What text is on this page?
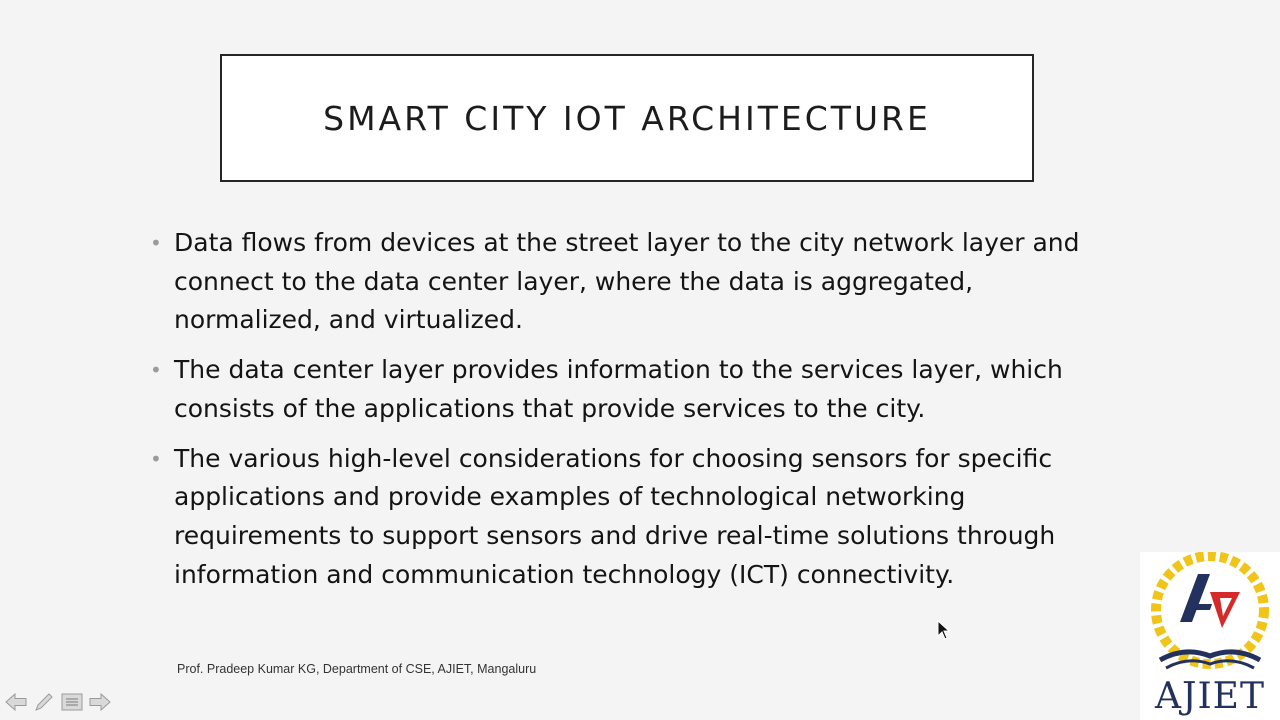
SMART CITY IOT ARCHITECTURE
• Data flows from devices at the street layer to the city network layer and connect to the data center layer, where the data is aggregated, normalized, and virtualized.
• The data center layer provides information to the services layer, which consists of the applications that provide services to the city.
• The various high-level considerations for choosing sensors for specific applications and provide examples of technological networking requirements to support sensors and drive real-time solutions through information and communication technology (ICT) connectivity.
Prof. Pradeep Kumar KG, Department of CSE, AJIET, Mangaluru
AJIET
